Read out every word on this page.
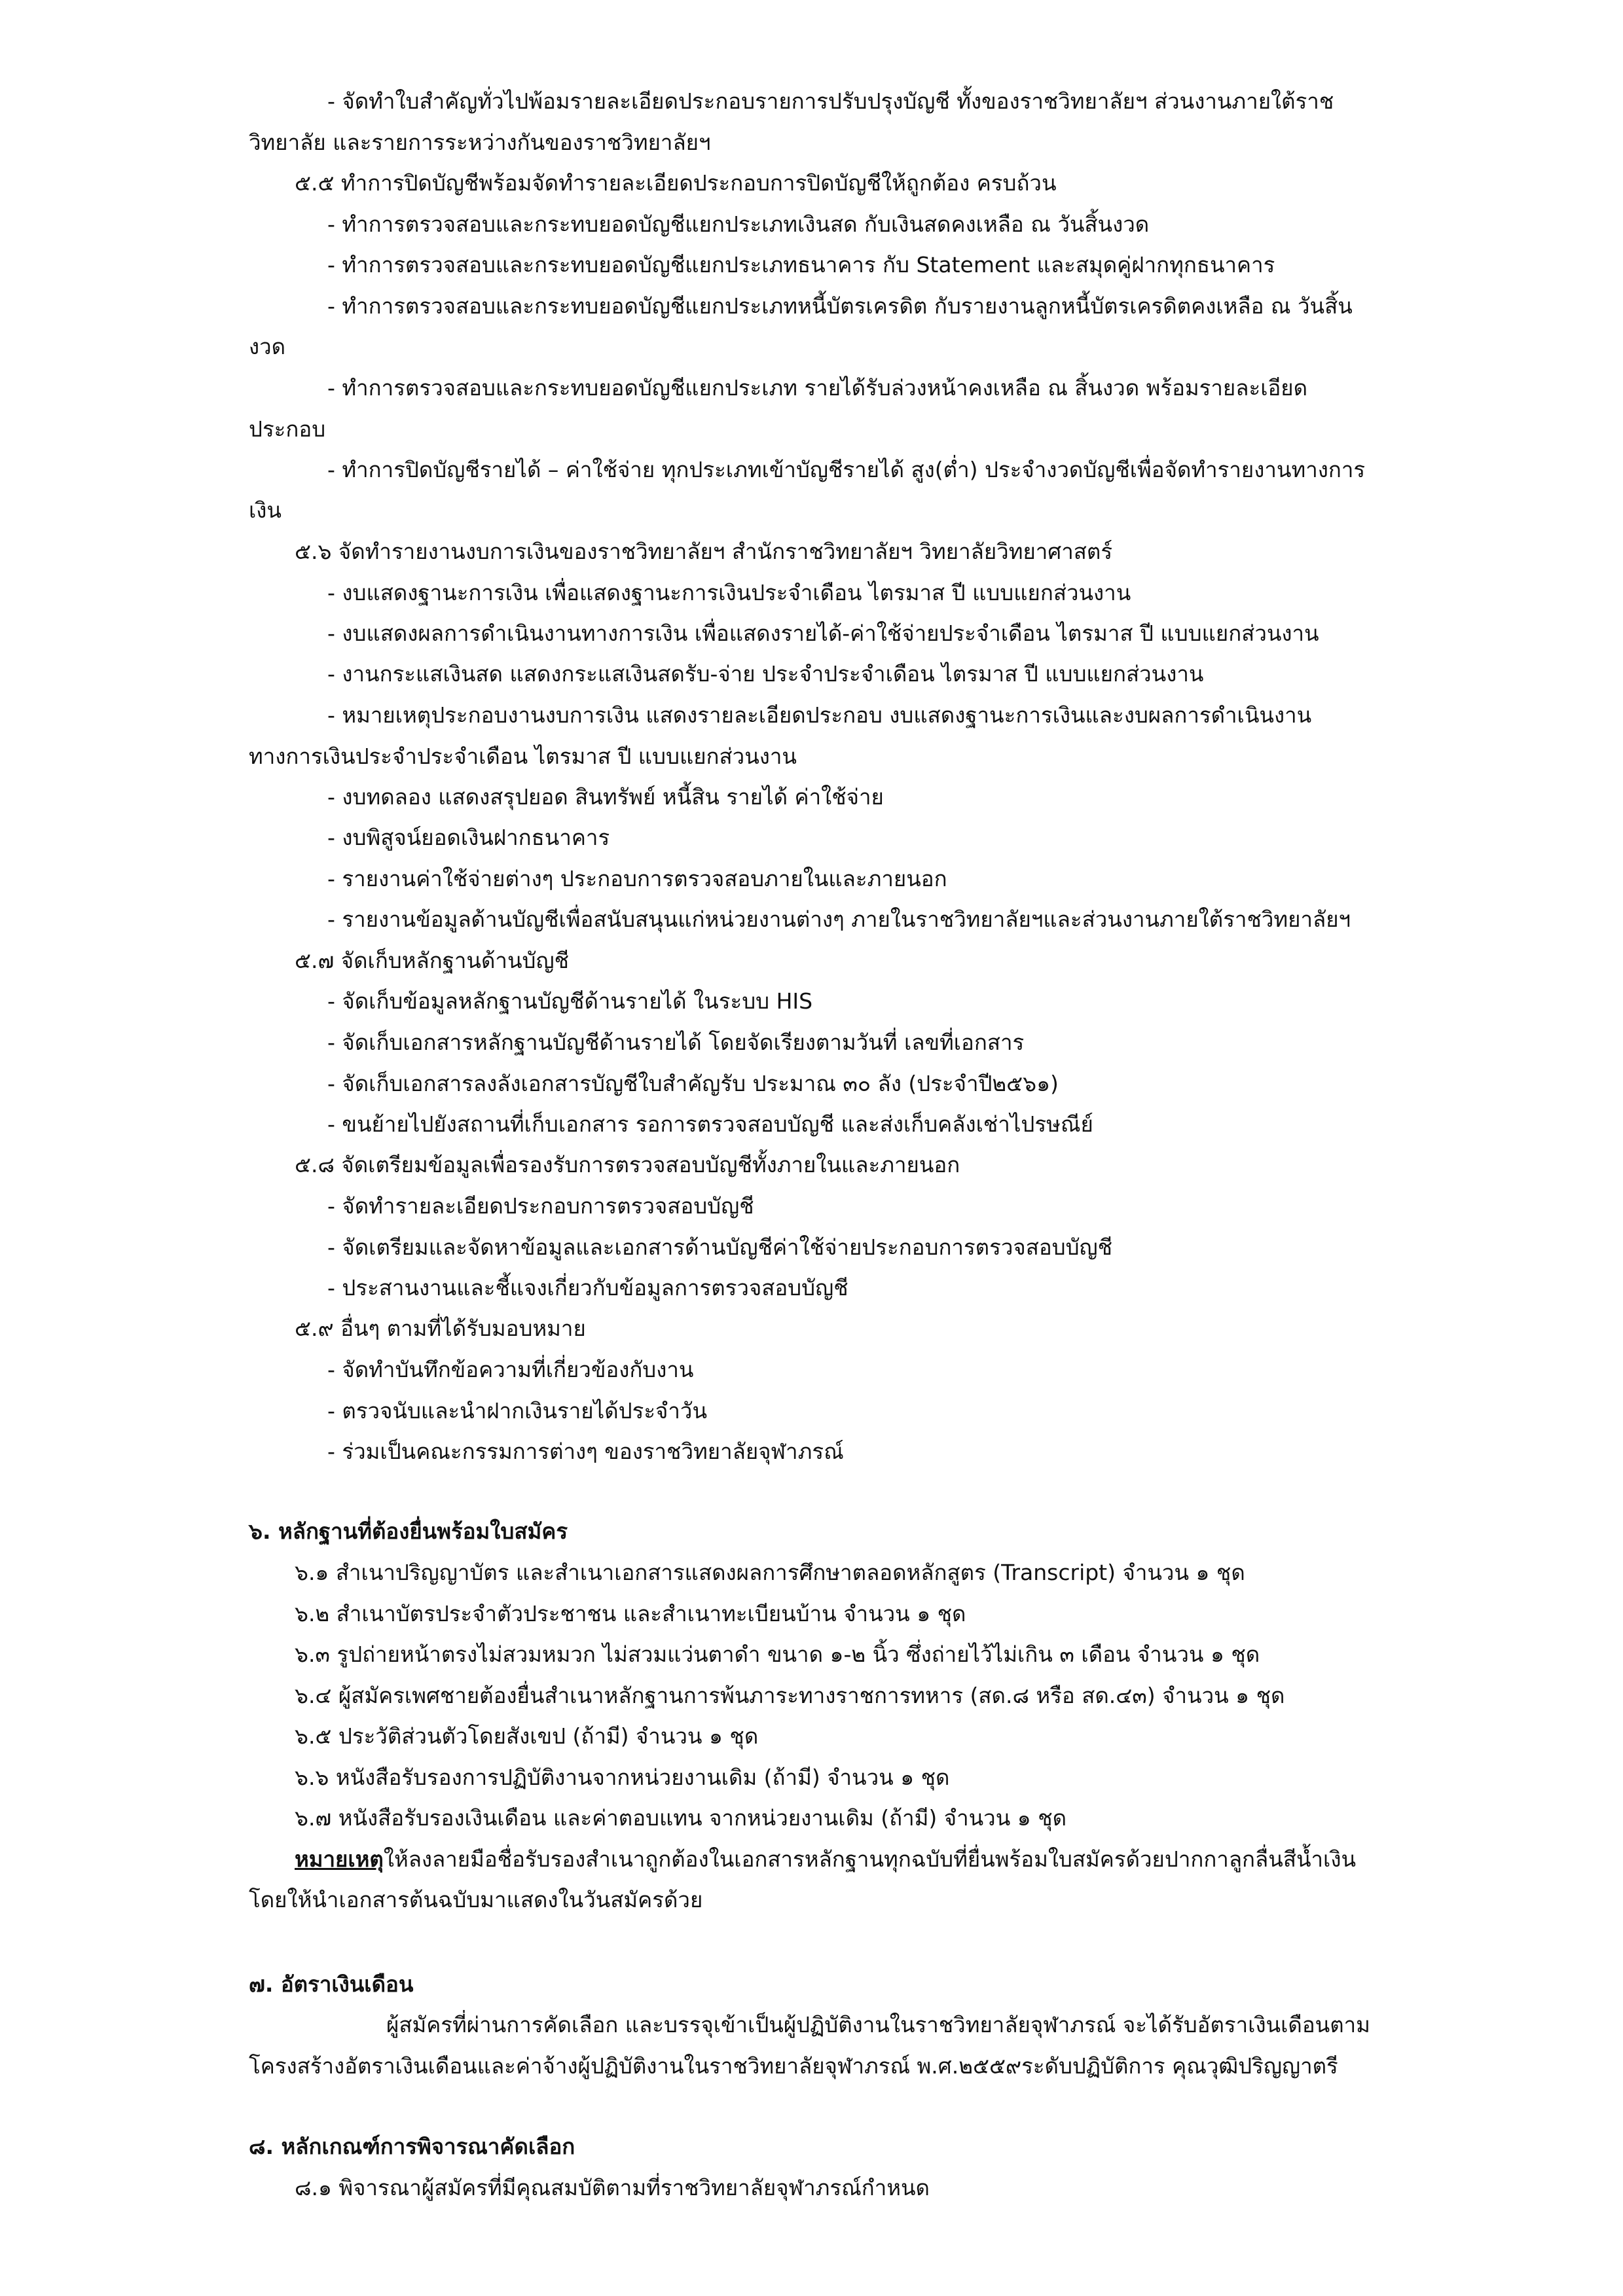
- จัดทำใบสำคัญทั่วไปพ้อมรายละเอียดประกอบรายการปรับปรุงบัญชี ทั้งของราชวิทยาลัยฯ ส่วนงานภายใต้ราช
วิทยาลัย และรายการระหว่างกันของราชวิทยาลัยฯ
๕.๕ ทำการปิดบัญชีพร้อมจัดทำรายละเอียดประกอบการปิดบัญชีให้ถูกต้อง ครบถ้วน
- ทำการตรวจสอบและกระทบยอดบัญชีแยกประเภทเงินสด กับเงินสดคงเหลือ ณ วันสิ้นงวด
- ทำการตรวจสอบและกระทบยอดบัญชีแยกประเภทธนาคาร กับ Statement และสมุดคู่ฝากทุกธนาคาร
- ทำการตรวจสอบและกระทบยอดบัญชีแยกประเภทหนี้บัตรเครดิต กับรายงานลูกหนี้บัตรเครดิตคงเหลือ ณ วันสิ้น
งวด
- ทำการตรวจสอบและกระทบยอดบัญชีแยกประเภท รายได้รับล่วงหน้าคงเหลือ ณ สิ้นงวด พร้อมรายละเอียด
ประกอบ
- ทำการปิดบัญชีรายได้ – ค่าใช้จ่าย ทุกประเภทเข้าบัญชีรายได้ สูง(ต่ำ) ประจำงวดบัญชีเพื่อจัดทำรายงานทางการ
เงิน
๕.๖ จัดทำรายงานงบการเงินของราชวิทยาลัยฯ สำนักราชวิทยาลัยฯ วิทยาลัยวิทยาศาสตร์
- งบแสดงฐานะการเงิน เพื่อแสดงฐานะการเงินประจำเดือน ไตรมาส ปี แบบแยกส่วนงาน
- งบแสดงผลการดำเนินงานทางการเงิน เพื่อแสดงรายได้-ค่าใช้จ่ายประจำเดือน ไตรมาส ปี แบบแยกส่วนงาน
- งานกระแสเงินสด แสดงกระแสเงินสดรับ-จ่าย ประจำประจำเดือน ไตรมาส ปี แบบแยกส่วนงาน
- หมายเหตุประกอบงานงบการเงิน แสดงรายละเอียดประกอบ งบแสดงฐานะการเงินและงบผลการดำเนินงาน
ทางการเงินประจำประจำเดือน ไตรมาส ปี แบบแยกส่วนงาน
- งบทดลอง แสดงสรุปยอด สินทรัพย์ หนี้สิน รายได้ ค่าใช้จ่าย
- งบพิสูจน์ยอดเงินฝากธนาคาร
- รายงานค่าใช้จ่ายต่างๆ ประกอบการตรวจสอบภายในและภายนอก
- รายงานข้อมูลด้านบัญชีเพื่อสนับสนุนแก่หน่วยงานต่างๆ ภายในราชวิทยาลัยฯและส่วนงานภายใต้ราชวิทยาลัยฯ
๕.๗ จัดเก็บหลักฐานด้านบัญชี
- จัดเก็บข้อมูลหลักฐานบัญชีด้านรายได้ ในระบบ HIS
- จัดเก็บเอกสารหลักฐานบัญชีด้านรายได้ โดยจัดเรียงตามวันที่ เลขที่เอกสาร
- จัดเก็บเอกสารลงลังเอกสารบัญชีใบสำคัญรับ ประมาณ ๓๐ ลัง (ประจำปี๒๕๖๑)
- ขนย้ายไปยังสถานที่เก็บเอกสาร รอการตรวจสอบบัญชี และส่งเก็บคลังเช่าไปรษณีย์
๕.๘ จัดเตรียมข้อมูลเพื่อรองรับการตรวจสอบบัญชีทั้งภายในและภายนอก
- จัดทำรายละเอียดประกอบการตรวจสอบบัญชี
- จัดเตรียมและจัดหาข้อมูลและเอกสารด้านบัญชีค่าใช้จ่ายประกอบการตรวจสอบบัญชี
- ประสานงานและชี้แจงเกี่ยวกับข้อมูลการตรวจสอบบัญชี
๕.๙ อื่นๆ ตามที่ได้รับมอบหมาย
- จัดทำบันทึกข้อความที่เกี่ยวข้องกับงาน
- ตรวจนับและนำฝากเงินรายได้ประจำวัน
- ร่วมเป็นคณะกรรมการต่างๆ ของราชวิทยาลัยจุฬาภรณ์
๖. หลักฐานที่ต้องยื่นพร้อมใบสมัคร
๖.๑ สำเนาปริญญาบัตร และสำเนาเอกสารแสดงผลการศึกษาตลอดหลักสูตร (Transcript) จำนวน ๑ ชุด
๖.๒ สำเนาบัตรประจำตัวประชาชน และสำเนาทะเบียนบ้าน จำนวน ๑ ชุด
๖.๓ รูปถ่ายหน้าตรงไม่สวมหมวก ไม่สวมแว่นตาดำ ขนาด ๑-๒ นิ้ว ซึ่งถ่ายไว้ไม่เกิน ๓ เดือน จำนวน ๑ ชุด
๖.๔ ผู้สมัครเพศชายต้องยื่นสำเนาหลักฐานการพ้นภาระทางราชการทหาร (สด.๘ หรือ สด.๔๓) จำนวน ๑ ชุด
๖.๕ ประวัติส่วนตัวโดยสังเขป (ถ้ามี) จำนวน ๑ ชุด
๖.๖ หนังสือรับรองการปฏิบัติงานจากหน่วยงานเดิม (ถ้ามี) จำนวน ๑ ชุด
๖.๗ หนังสือรับรองเงินเดือน และค่าตอบแทน จากหน่วยงานเดิม (ถ้ามี) จำนวน ๑ ชุด
หมายเหตุให้ลงลายมือชื่อรับรองสำเนาถูกต้องในเอกสารหลักฐานทุกฉบับที่ยื่นพร้อมใบสมัครด้วยปากกาลูกลื่นสีน้ำเงิน
โดยให้นำเอกสารต้นฉบับมาแสดงในวันสมัครด้วย
๗. อัตราเงินเดือน
ผู้สมัครที่ผ่านการคัดเลือก และบรรจุเข้าเป็นผู้ปฏิบัติงานในราชวิทยาลัยจุฬาภรณ์ จะได้รับอัตราเงินเดือนตาม
โครงสร้างอัตราเงินเดือนและค่าจ้างผู้ปฏิบัติงานในราชวิทยาลัยจุฬาภรณ์ พ.ศ.๒๕๕๙ระดับปฏิบัติการ คุณวุฒิปริญญาตรี
๘. หลักเกณฑ์การพิจารณาคัดเลือก
๘.๑ พิจารณาผู้สมัครที่มีคุณสมบัติตามที่ราชวิทยาลัยจุฬาภรณ์กำหนด
